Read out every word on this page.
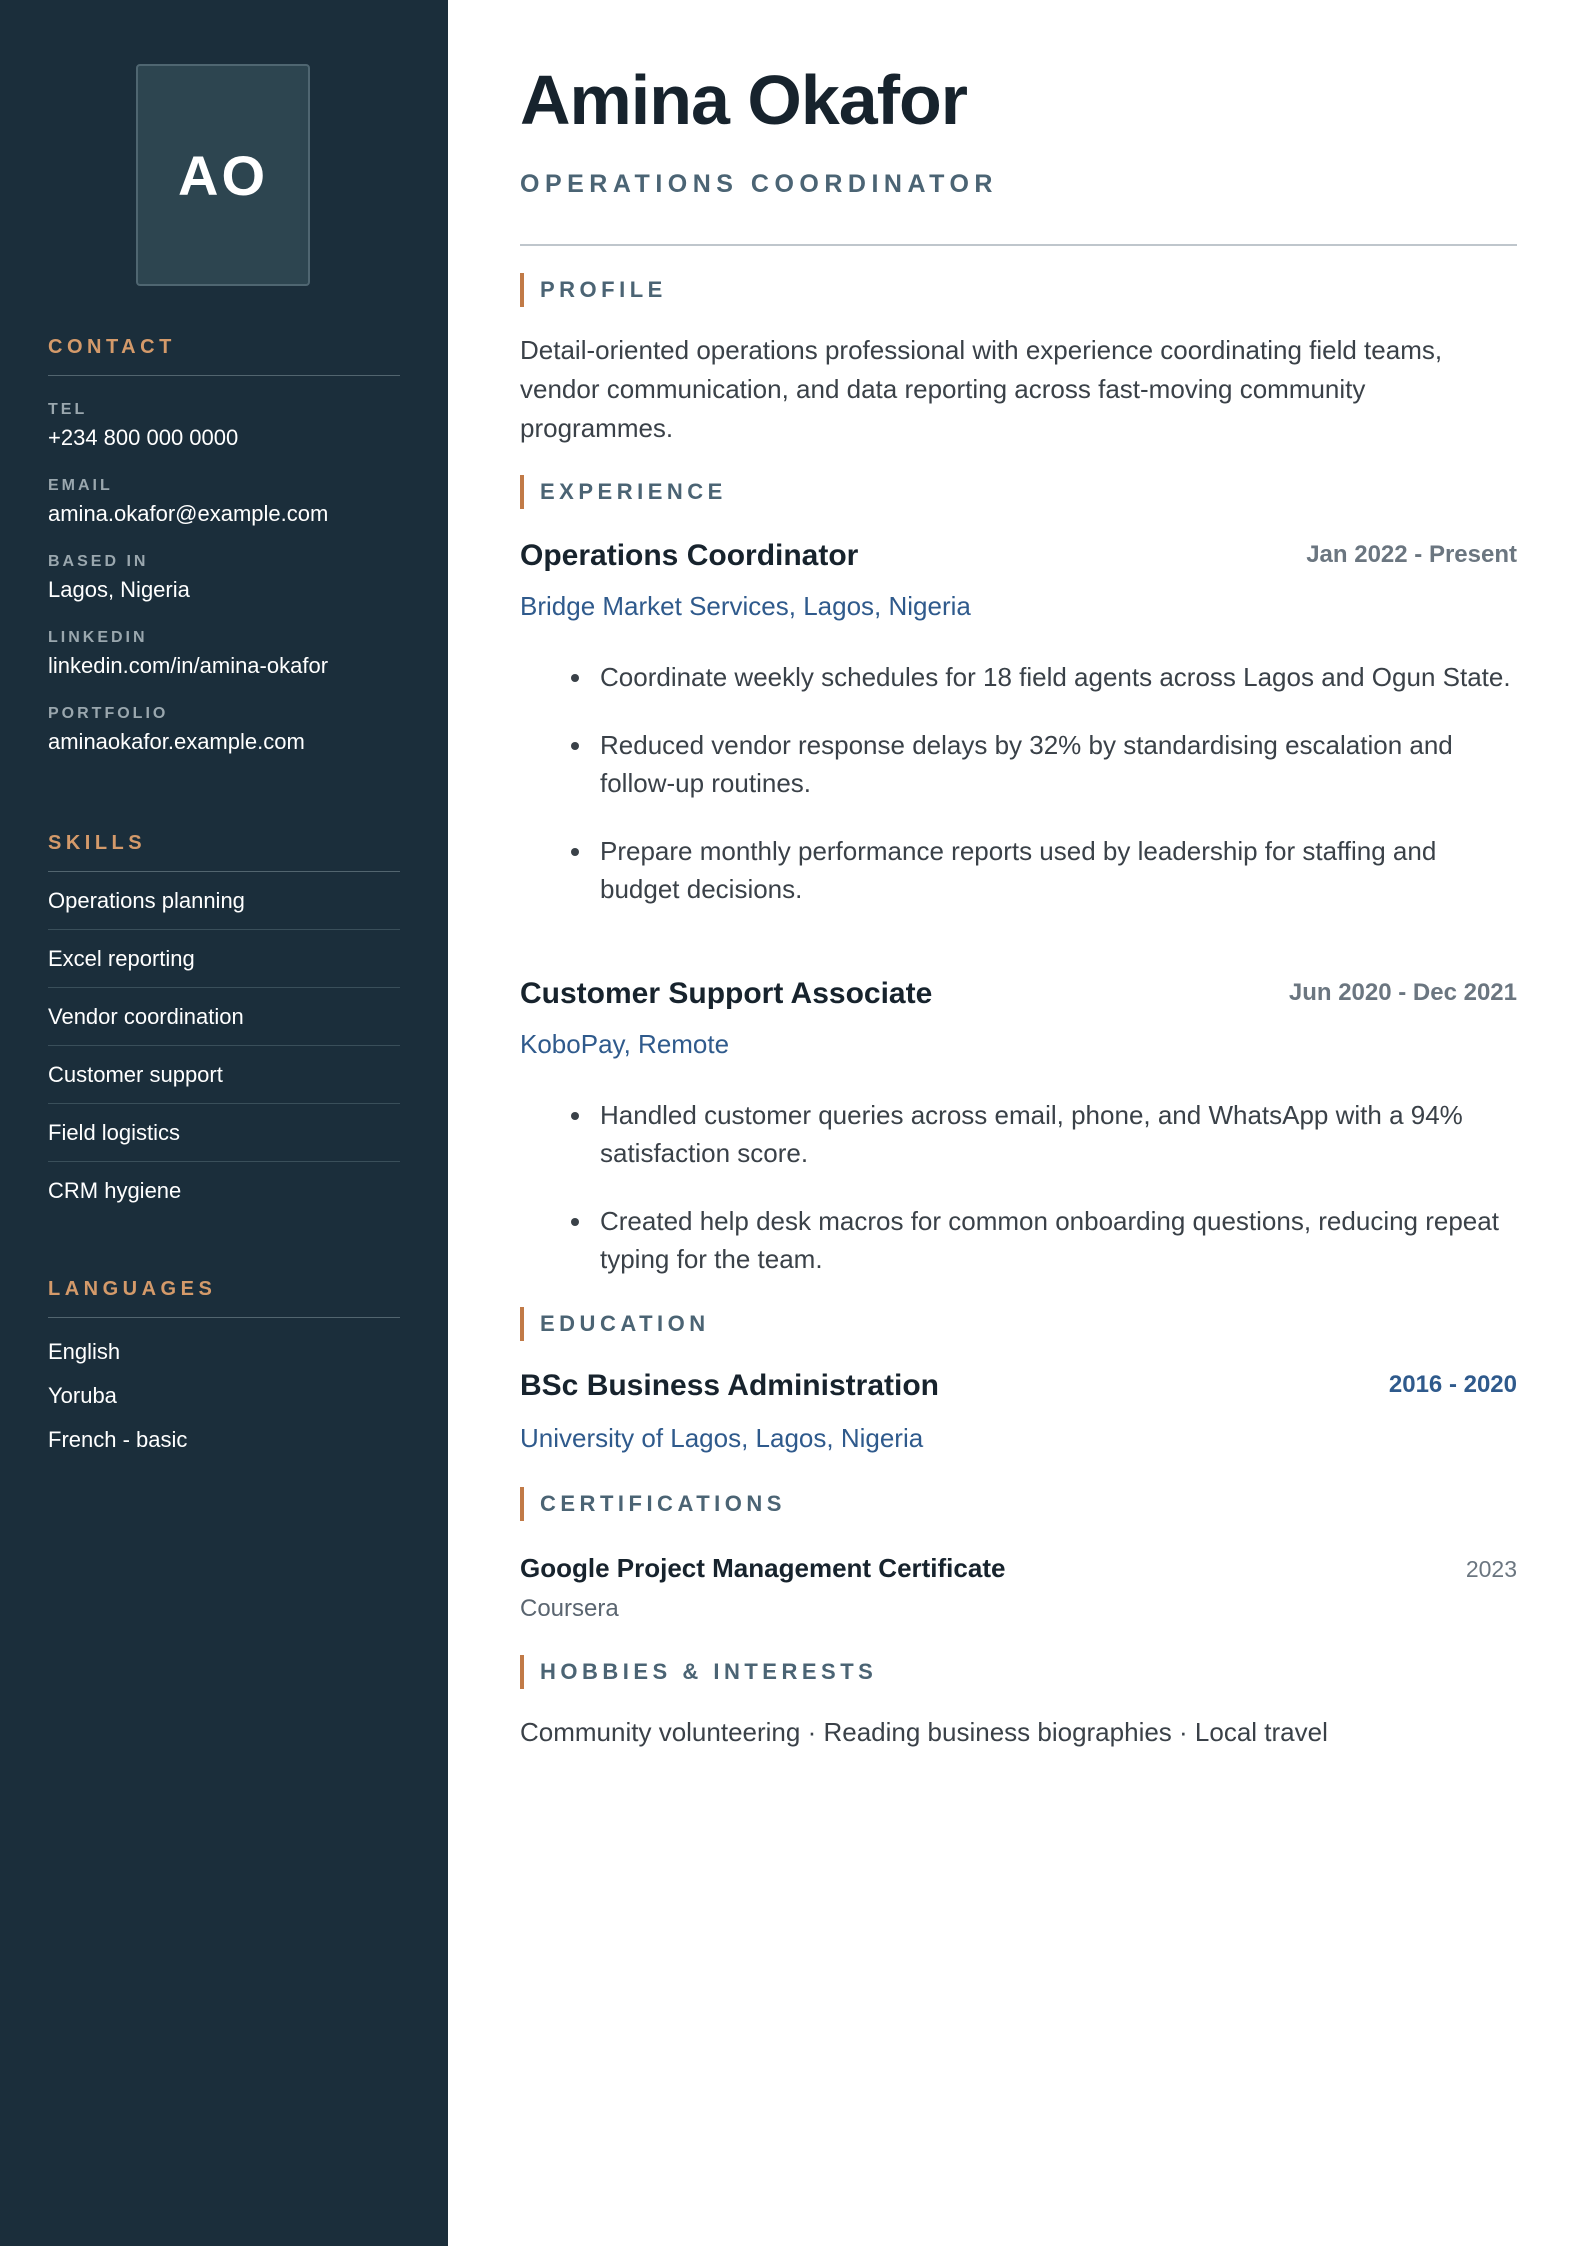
AO
CONTACT
TEL
+234 800 000 0000
EMAIL
amina.okafor@example.com
BASED IN
Lagos, Nigeria
LINKEDIN
linkedin.com/in/amina-okafor
PORTFOLIO
aminaokafor.example.com
SKILLS
Operations planning
Excel reporting
Vendor coordination
Customer support
Field logistics
CRM hygiene
LANGUAGES
English
Yoruba
French - basic
Amina Okafor
OPERATIONS COORDINATOR
PROFILE
Detail-oriented operations professional with experience coordinating field teams, vendor communication, and data reporting across fast-moving community programmes.
EXPERIENCE
Operations Coordinator	Jan 2022 - Present
Bridge Market Services, Lagos, Nigeria
Coordinate weekly schedules for 18 field agents across Lagos and Ogun State.
Reduced vendor response delays by 32% by standardising escalation and follow-up routines.
Prepare monthly performance reports used by leadership for staffing and budget decisions.
Customer Support Associate	Jun 2020 - Dec 2021
KoboPay, Remote
Handled customer queries across email, phone, and WhatsApp with a 94% satisfaction score.
Created help desk macros for common onboarding questions, reducing repeat typing for the team.
EDUCATION
BSc Business Administration	2016 - 2020
University of Lagos, Lagos, Nigeria
CERTIFICATIONS
Google Project Management Certificate	2023
Coursera
HOBBIES & INTERESTS
Community volunteering · Reading business biographies · Local travel
